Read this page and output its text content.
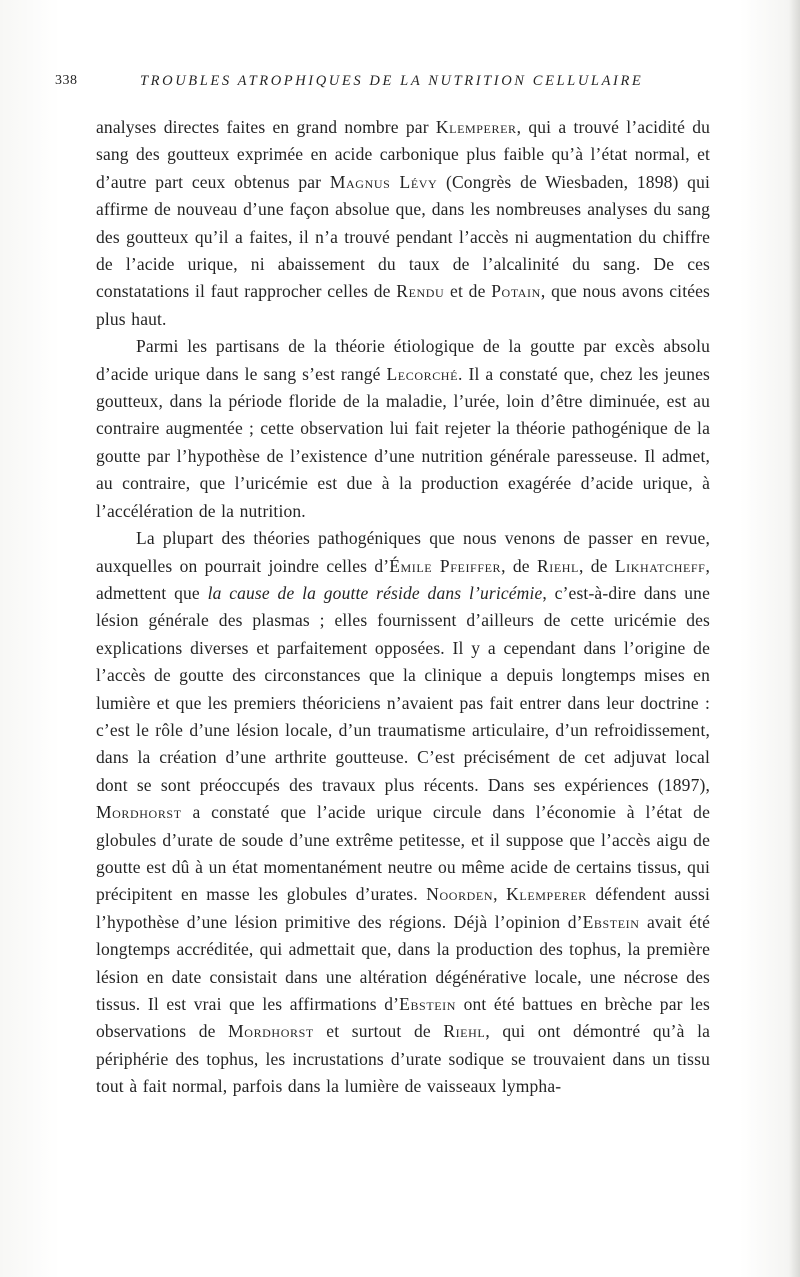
338	TROUBLES ATROPHIQUES DE LA NUTRITION CELLULAIRE

analyses directes faites en grand nombre par Klemperer, qui a trouvé l’acidité du sang des goutteux exprimée en acide carbonique plus faible qu’à l’état normal, et d’autre part ceux obtenus par Magnus Lévy (Congrès de Wiesbaden, 1898) qui affirme de nouveau d’une façon absolue que, dans les nombreuses analyses du sang des goutteux qu’il a faites, il n’a trouvé pendant l’accès ni augmentation du chiffre de l’acide urique, ni abaissement du taux de l’alcalinité du sang. De ces constatations il faut rapprocher celles de Rendu et de Potain, que nous avons citées plus haut.

Parmi les partisans de la théorie étiologique de la goutte par excès absolu d’acide urique dans le sang s’est rangé Lecorché. Il a constaté que, chez les jeunes goutteux, dans la période floride de la maladie, l’urée, loin d’être diminuée, est au contraire augmentée ; cette observation lui fait rejeter la théorie pathogénique de la goutte par l’hypothèse de l’existence d’une nutrition générale paresseuse. Il admet, au contraire, que l’uricémie est due à la production exagérée d’acide urique, à l’accélération de la nutrition.

La plupart des théories pathogéniques que nous venons de passer en revue, auxquelles on pourrait joindre celles d’Émile Pfeiffer, de Riehl, de Likhatcheff, admettent que la cause de la goutte réside dans l’uricémie, c’est-à-dire dans une lésion générale des plasmas ; elles fournissent d’ailleurs de cette uricémie des explications diverses et parfaitement opposées. Il y a cependant dans l’origine de l’accès de goutte des circonstances que la clinique a depuis longtemps mises en lumière et que les premiers théoriciens n’avaient pas fait entrer dans leur doctrine : c’est le rôle d’une lésion locale, d’un traumatisme articulaire, d’un refroidissement, dans la création d’une arthrite goutteuse. C’est précisément de cet adjuvat local dont se sont préoccupés des travaux plus récents. Dans ses expériences (1897), Mordhorst a constaté que l’acide urique circule dans l’économie à l’état de globules d’urate de soude d’une extrême petitesse, et il suppose que l’accès aigu de goutte est dû à un état momentanément neutre ou même acide de certains tissus, qui précipitent en masse les globules d’urates. Noorden, Klemperer défendent aussi l’hypothèse d’une lésion primitive des régions. Déjà l’opinion d’Ebstein avait été longtemps accréditée, qui admettait que, dans la production des tophus, la première lésion en date consistait dans une altération dégénérative locale, une nécrose des tissus. Il est vrai que les affirmations d’Ebstein ont été battues en brèche par les observations de Mordhorst et surtout de Riehl, qui ont démontré qu’à la périphérie des tophus, les incrustations d’urate sodique se trouvaient dans un tissu tout à fait normal, parfois dans la lumière de vaisseaux lympha-
